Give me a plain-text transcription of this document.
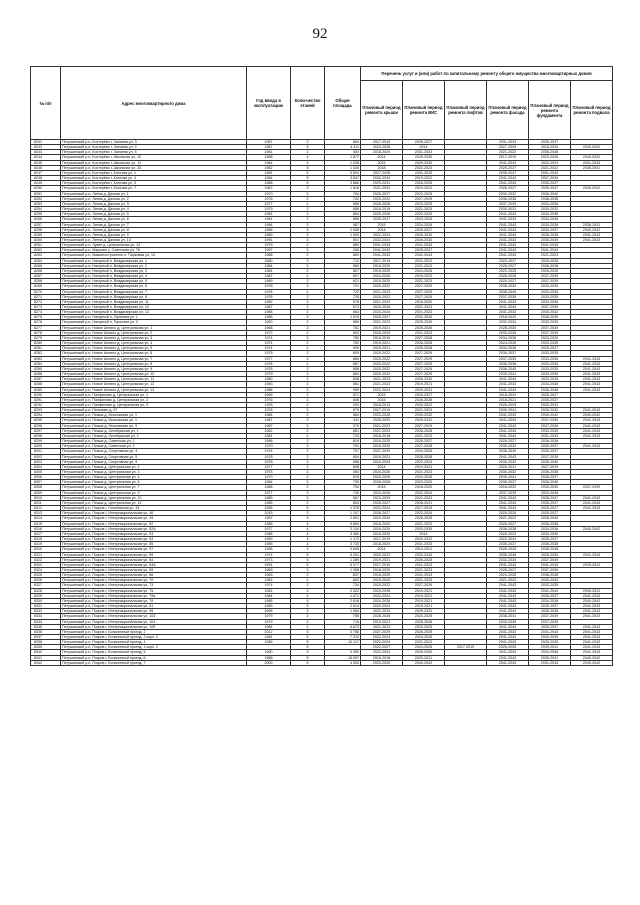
92
№ п/п	Адрес многоквартирного дома	Год ввода в эксплуатацию	Коли-чество этажей	Общая площадь	Перечень услуг и (или) работ по капитальному ремонту общего имущества многоквартирных домов					
					Плановый период ремонта крыши	Плановый период ремонта ВИС	Плановый период ремонта лифтов	Плановый период ремонта фасада	Плановый период ремонта фундамента	Плановый период ремонта подвала
8241	Петушинский р-н, Костерёво г, Чапаева ул, 3	1957	2	864	2017-2019	2026-2027		2031-2033	2035-2037	
8242	Петушинский р-н, Костерёво г, Чапаева ул, 4	1987	5	4 411	2024-2026	2014		2027-2029	2018-2020	2040-2042
8243	Петушинский р-н, Костерёво г, Чапаева ул, 5	1981	2	553	2018-2020	2031-2033		2021-2022	2036-2038	
8244	Петушинский р-н, Костерёво г, Школьная ул, 10	1988	4	1 877	2014	2029-2030		2017-2019	2023-2026	2040-2042
8245	Петушинский р-н, Костерёво г, Школьная ул, 12	1984	4	1 538	2015	2029-2030		2041-2043	2023-2024	2041-2043
8246	Петушинский р-н, Костерёво г, Школьная ул, 25	1982	5	1 526	2018	2022-2023		2025-2027	2021-2022	2038-2041
8247	Петушинский р-н, Костерёво г, Котлова ул, 1	1981	5	3 804	2027-2028	2031-2033		2035-2037	2041-2043	
8248	Петушинский р-н, Костерёво г, Котлова ул, 4	1984	5	3 847	2032-2034	2019-2022		2041-2043	2037-2039	
8249	Петушинский р-н, Костерёво г, Котлова ул, 5	1988	5	3 866	2029-2031	2026-2028		2041-2043	2035-2037	
8250	Петушинский р-н, Костерёво г, Котлова ул, 7	1962	2	1 816	2021-2023	2019-2021		2026-2027	2035-2037	2040-2042
8251	Петушинский р-н, Липна д, Дачная ул, 1	1970	2	764	2026-2027	2023-2025		2030-2032	2036-2040	
8252	Петушинский р-н, Липна д, Дачная ул, 2	1978	2	732	2020-2022	2027-2029		2036-2038	2038-2038	
8253	Петушинский р-н, Липна д, Дачная ул, 3	1977	2	858	2026-2028	2023-2025		2037-2039	2034-2036	
8254	Петушинский р-н, Липна д, Дачная ул, 4	1979	2	856	2018-2019	2021-2023		2030-2031	2030-2032	
8255	Петушинский р-н, Липна д, Дачная ул, 5	1981	2	894	2026-2026	2023-2025		2041-2043	2034-2036	
8256	Петушинский р-н, Липна д, Дачная ул, 6	1981	2	856	2025-2027	2023-2025		2041-2043	2034-2036	
8257	Петушинский р-н, Липна д, Дачная ул, 7	1984	3	987	2015	2024-2026		2041-2043	2034-2038	2038-2041
8258	Петушинский р-н, Липна д, Дачная ул, 8	1985	3	1 536	2014	2025-2027		2041-2043	2034-2037	2040-2042
8259	Петушинский р-н, Липна д, Дачная ул, 9	1989	3	1 500	2022-2024	2028-2030		2041-2043	2036-2038	2041-2043
8260	Петушинский р-н, Липна д, Дачная ул, 10	1991	3	801	2022-2024	2028-2030		2041-2043	2036-2039	2041-2043
8261	Петушинский р-н, Лукин д, Центральная ул, 12	1979	2	880	2041-2043	2041-2043		2041-2043	2041-2043	
8262	Петушинский р-н, Марково с, Советская ул, 78	1997	2	268	2041-2043	2025-2027		2041-2043	2041-2043	
8263	Петушинский р-н, Машиностроитель п, Парковая ул, 13	1988	2	869	2041-2043	2041-2043		2041-2043	2021-2023	
8264	Петушинский р-н, Нагорный п, Владимирская ул, 1	1980	2	712	2017-2019	2021-2023		2023-2027	2026-2028	
8265	Петушинский р-н, Нагорный п, Владимирская ул, 2	1984	2	880	2018-2020	2021-2023		2025-2027	2036-2038	
8266	Петушинский р-н, Нагорный п, Владимирская ул, 3	1984	2	807	2019-2020	2024-2026		2022-2025	2026-2026	
8267	Петушинский р-н, Нагорный п, Владимирская ул, 4	1987	2	607	2024-2026	2019-2020		2026-2028	2037-2039	
8268	Петушинский р-н, Нагорный п, Владимирская ул, 5	1989	2	621	2019-2020	2021-2023		2025-2027	2037-2039	
8269	Петушинский р-н, Нагорный п, Владимирская ул, 6	1978	2	721	2020-2022	2027-2029		2038-2040	2033-2035	
8270	Петушинский р-н, Нагорный п, Владимирская ул, 7	1976	2	722	2021-2023	2027-2029		2038-2040	2033-2035	
8271	Петушинский р-н, Нагорный п, Владимирская ул, 8	1978	2	728	2020-2022	2027-2029		2037-2039	2033-2035	
8272	Петушинский р-н, Нагорный п, Владимирская ул, 11	1982	2	578	2021-2023	2018-2020		2041-2043	2034-2036	
8273	Петушинский р-н, Нагорный п, Владимирская ул, 12	1987	2	673	2024-2026	2021-2023		2041-2043	2037-2039	
8274	Петушинский р-н, Нагорный п, Владимирская ул, 13	1988	2	663	2023-2024	2021-2023		2041-2043	2040-2042	
8275	Петушинский р-н, Нагорный п, Горячева ул, 1	1986	5	1 515	2025-2027	2032-2034		2018-2020	2038-2040	
8276	Петушинский р-н, Нагорный п, Горячева ул, 3	1990	2	889	2021-2023	2028-2030		2032-2034	2033-2035	
8277	Петушинский р-н, Новое Аннино д, Центральная ул, 1	1968	2	761	2019-2021	2025-2026		2028-2030	2037-2039	
8278	Петушинский р-н, Новое Аннино д, Центральная ул, 2	1972	2	602	2018-2020	2021-2023		2033-2035	2037-2039	
8279	Петушинский р-н, Новое Аннино д, Центральная ул, 3	1974	2	780	2018-2019	2027-2028		2034-2036	2023-2025	
8280	Петушинский р-н, Новое Аннино д, Центральная ул, 4	1974	2	780	2019-2021	2026-2028		2024-2026	2033-2035	
8281	Петушинский р-н, Новое Аннино д, Центральная ул, 5	1974	2	805	2019-2021	2026-2028		2034-2036	2025-2027	
8282	Петушинский р-н, Новое Аннино д, Центральная ул, 6	1975	2	809	2020-2022	2027-2029		2035-2037	2033-2035	
8283	Петушинский р-н, Новое Аннино д, Центральная ул, 7	1977	2	860	2020-2022	2027-2029		2037-2039	2033-2035	2041-2043
8284	Петушинский р-н, Новое Аннино д, Центральная ул, 8	1976	2	887	2020-2022	2027-2029		2036-2038	2033-2035	2041-2043
8285	Петушинский р-н, Новое Аннино д, Центральная ул, 9	1978	2	858	2020-2022	2027-2029		2038-2040	2033-2035	2041-2043
8286	Петушинский р-н, Новое Аннино д, Центральная ул, 10	1979	2	864	2020-2022	2027-2029		2039-2041	2033-2035	2041-2043
8287	Петушинский р-н, Новое Аннино д, Центральная ул, 11	1980	2	838	2021-2023	2026-2030		2041-2043	2033-2035	2041-2043
8288	Петушинский р-н, Новое Аннино д, Центральная ул, 12	1983	2	861	2021-2023	2019-2021		2041-2043	2034-2036	2041-2043
8289	Петушинский р-н, Новое Аннино д, Центральная ул, 13	1988	3	959	2022-2024	2029-2031		2041-2043	2036-2038	2041-2043
8290	Петушинский р-н, Панфилово д, Центральная ул, 1	1965	2	871	2015	2025-2027		2018-2020	2025-2027	
8291	Петушинский р-н, Панфилово д, Центральная ул, 2	1976	2	836	2015	2026-2028		2018-2021	2035-2037	
8292	Петушинский р-н, Панфилово д, Центральная ул, 3	1993	2	403	2018-2014	2020-2022		2026-2029	2030-2031	
8293	Петушинский р-н, Пеньково д, 57	1978	2	879	2017-2019	2021-2023		2039-2041	2030-2032	2041-2043
8294	Петушинский р-н, Пекша д, Московская ул, 1	1984	2	864	2023-2025	2030-2032		2041-2043	2040-2042	2040-2042
8295	Петушинский р-н, Пекша д, Московская ул, 1	1987	2	411	2028-2029	2029-2031		2041-2043	2037-2039	2041-2043
8296	Петушинский р-н, Пекша д, Московская ул, 3	1987	2	370	2021-2023	2027-2029		2041-2043	2037-2039	2041-2043
8297	Петушинский р-н, Пекша д, Октябрьская ул, 1	1962	2	861	2021-2023	2026-2028		2041-2043	2033-2035	2041-2043
8298	Петушинский р-н, Пекша д, Октябрьская ул, 2	1981	2	724	2018-2018	2021-2023		2041-2043	2031-2033	2041-2043
8299	Петушинский р-н, Пекша д, Советская ул, 1	1986	2	819	2018-2020	2025-2027		2025-2027	2036-2036	
8300	Петушинский р-н, Пекша д, Советская ул, 2	1970	2	791	2018-2020	2027-2028		2030-2032	2035-2037	2041-2043
8301	Петушинский р-н, Пекша д, Спортивная ул, 4	1976	2	707	2027-2029	2024-2026		2038-2040	2035-2037	
8302	Петушинский р-н, Пекша д, Спортивная ул, 5	1978	2	804	2019-2021	2026-2028		2041-2043	2037-2039	
8303	Петушинский р-н, Пекша д, Спортивная ул, 9	1978	2	588	2024-2026	2022-2024		2030-2032	2035-2040	
8304	Петушинский р-н, Пекша д, Центральная ул, 2	1977	2	898	2014	2019-2021		2020-2021	2027-2029	
8305	Петушинский р-н, Пекша д, Центральная ул, 3	1978	2	464	2024-2026	2021-2023		2030-2032	2036-2038	
8306	Петушинский р-н, Пекша д, Центральная ул, 4	1970	2	815	2024-2026	2020-2028		2039-2041	2035-2037	
8307	Петушинский р-н, Пекша д, Центральная ул, 5	1984	2	739	2028-2028	2023-2025		2035-2037	2038-2040	
8308	Петушинский р-н, Пекша д, Центральная ул, 7	1986	2	754	2015	2018-2020		2018-2020	2030-2030	2037-2039
8309	Петушинский р-н, Пекша д, Центральная ул, 9	1977	2	745	2024-2026	2022-2024		2037-2039	2034-2036	
8310	Петушинский р-н, Пекша д, Центральная ул, 10	1985	2	687	2023-2025	2021-2023		2041-2043	2035-2037	2041-2043
8311	Петушинский р-н, Пекша д, Центральная ул, 14	1985	2	854	2025-2027	2028-2031		2041-2043	2035-2037	2041-2043
8312	Петушинский р-н, Покров г, Гоголевская ул, 34	1955	5	1 378	2022-2024	2017-2019		2041-2043	2025-2027	2041-2043
8313	Петушинский р-н, Покров г, Интернациональная ул, 46	2015	3	1 107	2026-2027	2022-2024		2025-2026	2025-2027	
8314	Петушинский р-н, Покров г, Интернациональная ул, 49	1987	4	2 501	2024-2026	2026-2028		2021-2022	2038-2040	
8315	Петушинский р-н, Покров г, Интернациональная ул, 52	1985	4	3 684	2018-2020	2021-2023		2025-2027	2036-2038	
8316	Петушинский р-н, Покров г, Интернациональная ул, 52А	1977	4	3 134	2029-2020	2033-2035		2036-2038	2034-2036	2040-2042
8317	Петушинский р-н, Покров г, Интернациональная ул, 53	1988	4	3 460	2018-2020	2014		2026-2023	2033-2035	
8318	Петушинский р-н, Покров г, Интернациональная ул, 54	1959	4	1 173	2017-2019	2020-2022		2022-2024	2035-2037	
8319	Петушинский р-н, Покров г, Интернациональная ул, 55	1985	4	3 730	2018-2020	2031-2033		2035-2037	2036-2038	
8320	Петушинский р-н, Покров г, Интернациональная ул, 57	1958	3	3 645	2014	2019-2021		2026-2028	2036-2038	
8321	Петушинский р-н, Покров г, Интернациональная ул, 59	1974	5	5 251	2020-2022	2032-2034		2036-2038	2028-2030	2041-2043
8322	Петушинский р-н, Покров г, Интернациональная ул, 64	1973	5	1 289	2019-2021	2026-2028		2032-2034	2037-2039	
8323	Петушинский р-н, Покров г, Интернациональная ул, 64А	1991	5	5 077	2017-2019	2021-2023		2041-2043	2041-2043	2039-2041
8324	Петушинский р-н, Покров г, Интернациональная ул, 65	1963	3	1 308	2018-2020	2021-2023		2026-2027	2037-2039	
8325	Петушинский р-н, Покров г, Интернациональная ул, 66	1963	2	637	2018-2020	2031-2033		2024-2026	2036-2038	
8326	Петушинский р-н, Покров г, Интернациональная ул, 70	1962	2	842	2019-2020	2031-2033		2021-2023	2030-2032	
8327	Петушинский р-н, Покров г, Интернациональная ул, 73	1974	2	734	2020-2022	2027-2029		2041-2043	2033-2035	
8328	Петушинский р-н, Покров г, Интернациональная ул, 75	1982	3	2 322	2024-2026	2019-2021		2041-2043	2041-2043	2039-2041
8329	Петушинский р-н, Покров г, Интернациональная ул, 75а	1984	4	1 671	2022-2024	2019-2021		2041-2043	2035-2037	2041-2043
8330	Петушинский р-н, Покров г, Интернациональная ул, 79	1985	5	2 818	2024-2026	2019-2021		2041-2043	2034-2036	2040-2042
8331	Петушинский р-н, Покров г, Интернациональная ул, 81	1983	5	2 814	2022-2024	2019-2021		2041-2043	2035-2037	2041-2043
8332	Петушинский р-н, Покров г, Интернациональная ул, 95	1998	3	1 084	2022-2024	2029-2031		2041-2043	2036-2038	2041-2043
8333	Петушинский р-н, Покров г, Интернациональная ул, 103	1979	2	785	2028-2028	2023-2025		2038-2041	2037-2039	2041-2043
8334	Петушинский р-н, Покров г, Интернациональная ул, 104	1979	2	715	2019-2021	2028-2028		2033-2035	2037-2039	
8335	Петушинский р-н, Покров г, Интернациональная ул, 105	1984	2	5 873	2021-2023	2023-2025		2041-2043	2035-2037	2041-2043
8336	Петушинский р-н, Покров г, Больничный проезд, 2	2012	5	3 788	2027-2029	2026-2028		2041-2043	2041-2043	2041-2043
8337	Петушинский р-н, Покров г, Больничный проезд, 3 корп. 2	1981	5	7 312	2022-2024	2024-2026		2041-2043	2034-2036	2041-2043
8338	Петушинский р-н, Покров г, Больничный проезд, 4	1989	5	10 117	2022-2024	2021-2023		2041-2043	2033-2035	2041-2043
8339	Петушинский р-н, Покров г, Больничный проезд, 4 корп. 2		5		2022-2027	2024-2026	2017-2019	2026-2028	2039-2041	2041-2043
8340	Петушинский р-н, Покров г, Больничный проезд, 5	1990	5	3 260	2022-2024	2028-2030		2041-2043	2034-2036	2041-2043
8341	Петушинский р-н, Покров г, Больничный проезд, 6	1988	5	16 097	2018-2018	2029-2031		2041-2043	2039-2041	2040-2042
8342	Петушинский р-н, Покров г, Больничный проезд, 7	2000	5	4 300	2023-2026	2040-2042		2041-2043	2041-2043	2040-2042
